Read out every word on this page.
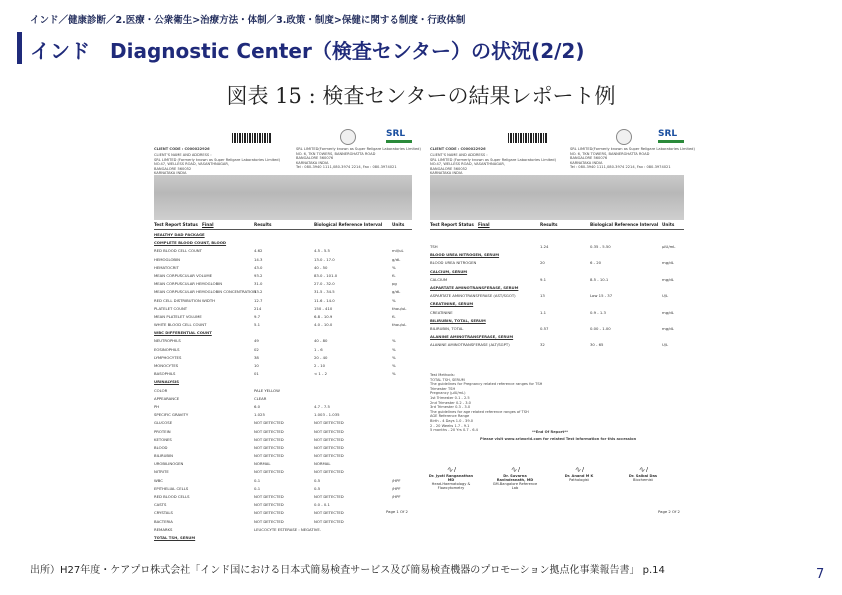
インド／健康診断／2.医療・公衆衛生>治療方法・体制／3.政策・制度>保健に関する制度・行政体制
インド　Diagnostic Center（検査センター）の状況(2/2)
図表 15 : 検査センターの結果レポート例
SRL
CLIENT CODE : C000022926
CLIENT'S NAME AND ADDRESS :
SRL LIMITED (Formerly known as Super Religare Laboratories Limited)
NO.47, WELLESS ROAD, VASANTHNAGAR,
BANGALORE 560052
KARNATAKA INDIA
SRL LIMITED(Formerly known as Super Religare Laboratories Limited)
NO. 6, TKN TOWERS, BANNERGHATTA ROAD
BANGALORE 560076
KARNATAKA INDIA
Tel : 080-3940 1111,080-3974 2214, Fax : 080-3974021
Test Report Status Final	Results	Biological Reference Interval Units
HEALTHY DAD PACKAGE
COMPLETE BLOOD COUNT, BLOOD
RED BLOOD CELL COUNT	4.62	4.5 - 5.5	mil/uL
HEMOGLOBIN	14.3	13.0 - 17.0	g/dL
HEMATOCRIT	43.0	40 - 50	%
MEAN CORPUSCULAR VOLUME	93.2	83.0 - 101.0	fL
MEAN CORPUSCULAR HEMOGLOBIN	31.0	27.0 - 32.0	pg
MEAN CORPUSCULAR HEMOGLOBIN CONCENTRATION
33.2	31.5 - 34.5	g/dL
RED CELL DISTRIBUTION WIDTH	12.7	11.6 - 14.0	%
PLATELET COUNT	214	150 - 410	thou/uL
MEAN PLATELET VOLUME	9.7	6.8 - 10.9	fL
WHITE BLOOD CELL COUNT	5.1	4.0 - 10.0	thou/uL
WBC DIFFERENTIAL COUNT
NEUTROPHILS	49	40 - 80	%
EOSINOPHILS	02	1 - 6	%
LYMPHOCYTES	38	20 - 40	%
MONOCYTES	10	2 - 10	%
BASOPHILS	01	< 1 - 2	%
URINALYSIS
COLOR	PALE YELLOW
APPEARANCE	CLEAR
PH	6.0	4.7 - 7.5
SPECIFIC GRAVITY	1.025	1.003 - 1.035
GLUCOSE	NOT DETECTED	NOT DETECTED
PROTEIN	NOT DETECTED	NOT DETECTED
KETONES	NOT DETECTED	NOT DETECTED
BLOOD	NOT DETECTED	NOT DETECTED
BILIRUBIN	NOT DETECTED	NOT DETECTED
UROBILINOGEN	NORMAL	NORMAL
NITRITE	NOT DETECTED	NOT DETECTED
WBC	0-1	0-5	/HPF
EPITHELIAL CELLS	0-1	0-5	/HPF
RED BLOOD CELLS	NOT DETECTED	NOT DETECTED	/HPF
CASTS	NOT DETECTED	0.0 - 0.1
CRYSTALS	NOT DETECTED	NOT DETECTED
BACTERIA	NOT DETECTED	NOT DETECTED
REMARKS	LEUCOCYTE ESTERASE : NEGATIVE.
TOTAL TSH, SERUM
Page 1 Of 2
SRL
CLIENT CODE : C000022926
CLIENT'S NAME AND ADDRESS :
SRL LIMITED (Formerly known as Super Religare Laboratories Limited)
NO.47, WELLESS ROAD, VASANTHNAGAR,
BANGALORE 560052
KARNATAKA INDIA
SRL LIMITED(Formerly known as Super Religare Laboratories Limited)
NO. 6, TKN TOWERS, BANNERGHATTA ROAD
BANGALORE 560076
KARNATAKA INDIA
Tel : 080-3940 1111,080-3974 2214, Fax : 080-3974021
Test Report Status Final	Results	Biological Reference Interval Units
TSH	1.24	0.35 - 5.50	µIU/mL
BLOOD UREA NITROGEN, SERUM
BLOOD UREA NITROGEN	20	6 - 20	mg/dL
CALCIUM, SERUM
CALCIUM	9.1	8.5 - 10.1	mg/dL
ASPARTATE AMINOTRANSFERASE, SERUM
ASPARTATE AMINOTRANSFERASE (AST/SGOT)	13	Low 15 - 37	U/L
CREATININE, SERUM
CREATININE	1.1	0.9 - 1.3	mg/dL
BILIRUBIN, TOTAL, SERUM
BILIRUBIN, TOTAL	0.57	0.00 - 1.00	mg/dL
ALANINE AMINOTRANSFERASE, SERUM
ALANINE AMINOTRANSFERASE (ALT/SGPT)	32	30 - 65	U/L
Test Methods:
TOTAL TSH, SERUM
The guidelines for Pregnancy related reference ranges for TSH
Trimester TSH
Pregnancy (µIU/mL)
1st Trimester 0.1 - 2.5
2nd Trimester 0.2 - 3.0
3rd Trimester 0.3 - 3.0
The guidelines for age related reference ranges of TSH
AGE Reference Range
Birth - 4 Days 1.0 - 39.0
2 - 20 Weeks 1.7 - 9.1
5 months - 20 Yrs 0.7 - 6.4	**End Of Report**
Please visit www.srlworld.com for related Test Information for this accession
∿≀
Dr. Jyoti Ranganathan MD
Head-Haematology & Flowcytometry
∿≀
Dr. Suvarna Ravindranath, MD
GM-Bangalore Reference Lab
∿≀
Dr. Anand M K
Pathologist
∿≀
Dr. Saibal Das
Biochemist
Page 2 Of 2
出所）H27年度・ケアプロ株式会社「インド国における日本式簡易検査サービス及び簡易検査機器のプロモーション拠点化事業報告書」 p.14	7
